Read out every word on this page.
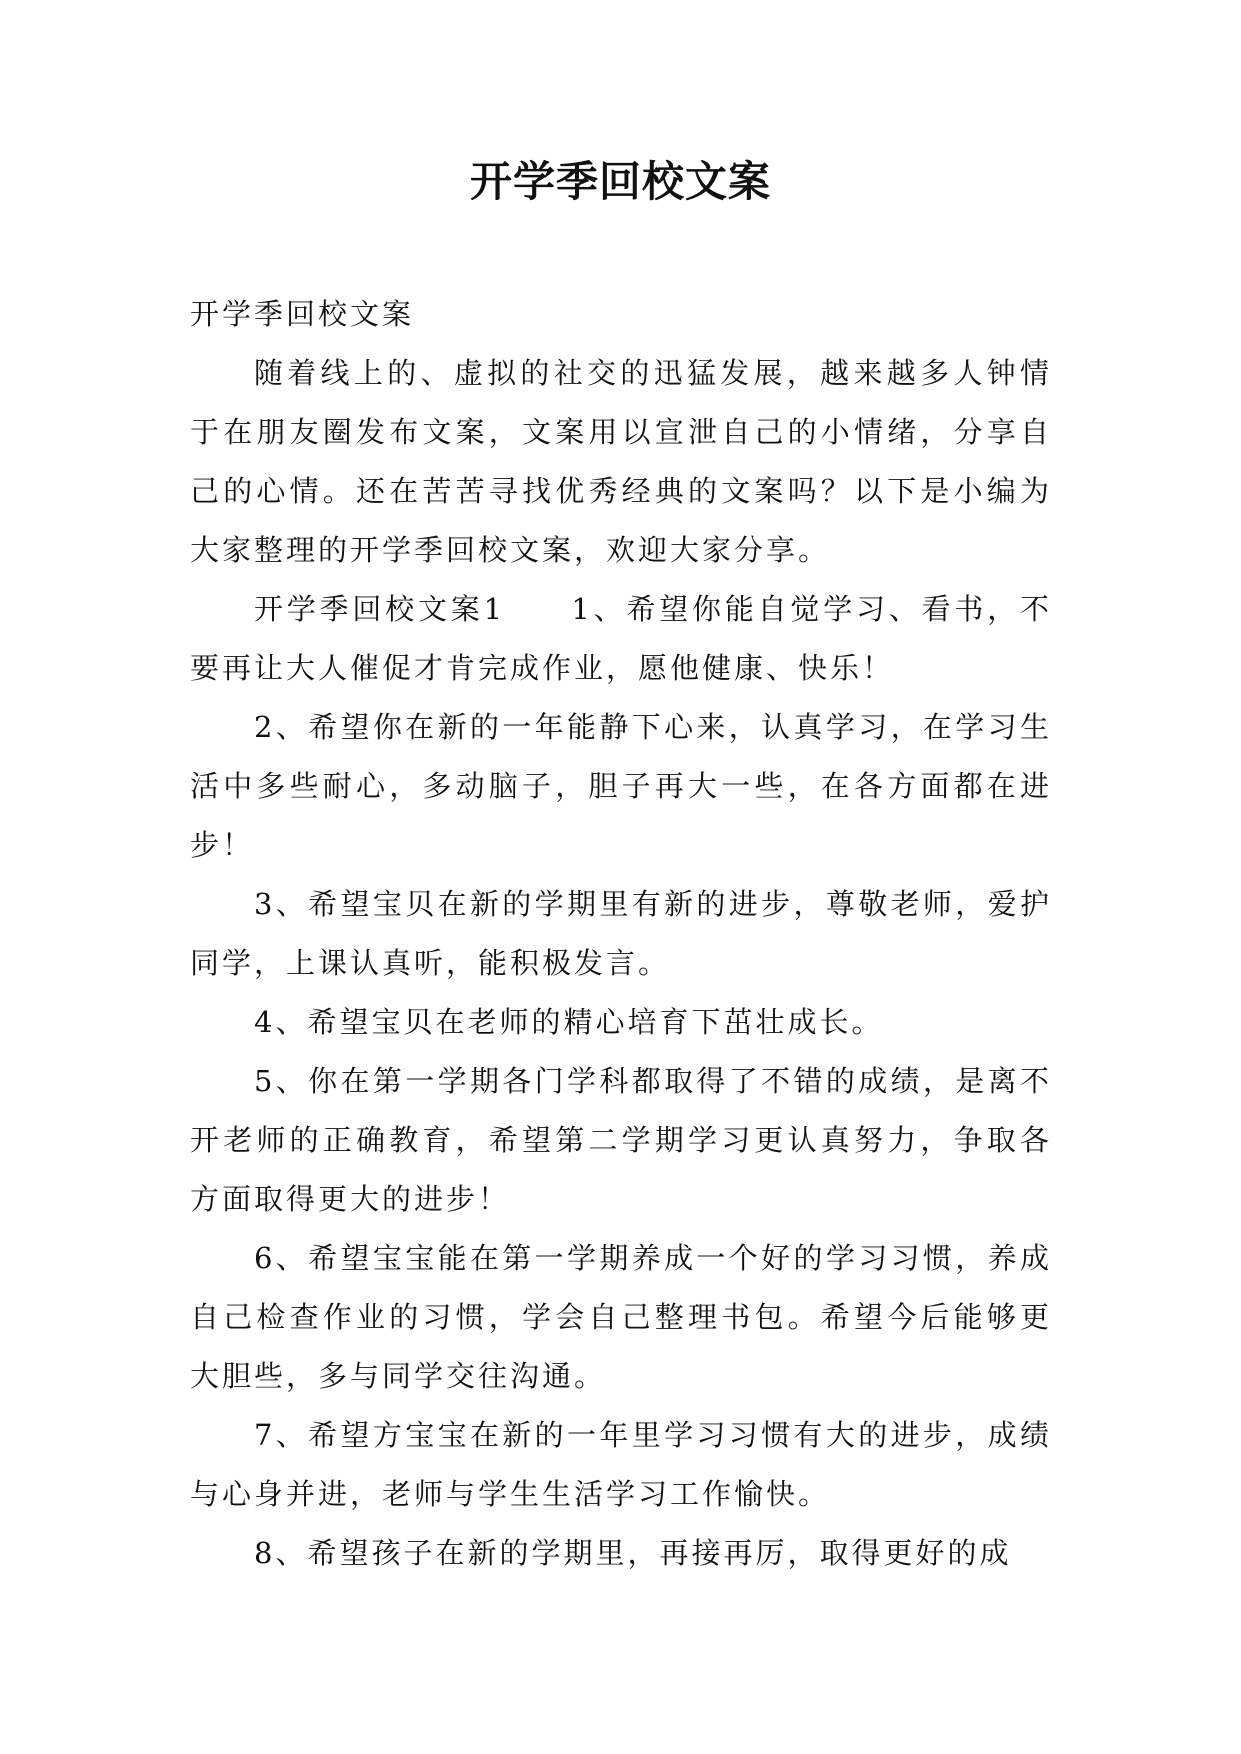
开学季回校文案

开学季回校文案

随着线上的、虚拟的社交的迅猛发展，越来越多人钟情于在朋友圈发布文案，文案用以宣泄自己的小情绪，分享自己的心情。还在苦苦寻找优秀经典的文案吗？以下是小编为大家整理的开学季回校文案，欢迎大家分享。

开学季回校文案1　　1、希望你能自觉学习、看书，不要再让大人催促才肯完成作业，愿他健康、快乐！

2、希望你在新的一年能静下心来，认真学习，在学习生活中多些耐心，多动脑子，胆子再大一些，在各方面都在进步！

3、希望宝贝在新的学期里有新的进步，尊敬老师，爱护同学，上课认真听，能积极发言。

4、希望宝贝在老师的精心培育下茁壮成长。

5、你在第一学期各门学科都取得了不错的成绩，是离不开老师的正确教育，希望第二学期学习更认真努力，争取各方面取得更大的进步！

6、希望宝宝能在第一学期养成一个好的学习习惯，养成自己检查作业的习惯，学会自己整理书包。希望今后能够更大胆些，多与同学交往沟通。

7、希望方宝宝在新的一年里学习习惯有大的进步，成绩与心身并进，老师与学生生活学习工作愉快。

8、希望孩子在新的学期里，再接再厉，取得更好的成
